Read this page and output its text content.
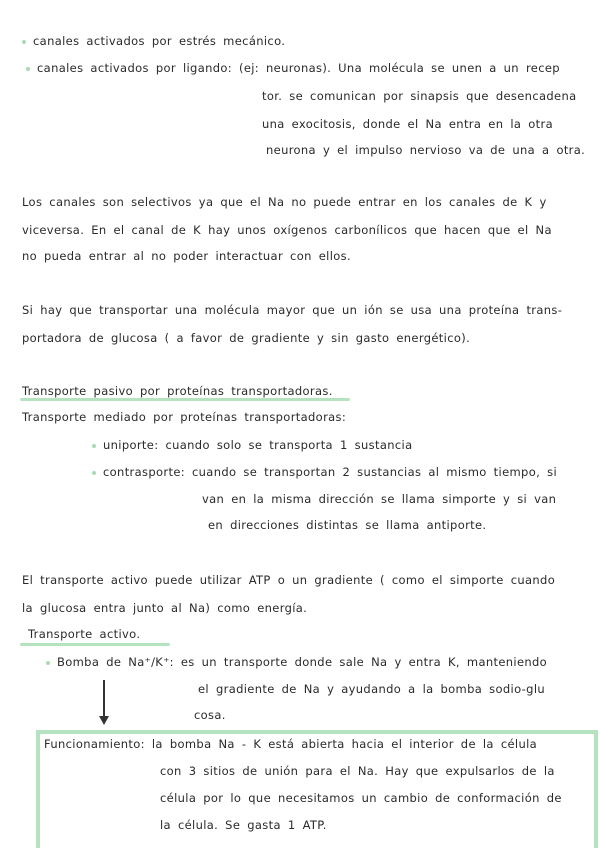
canales activados por estrés mecánico.
canales activados por ligando: (ej: neuronas). Una molécula se unen a un recep
tor. se comunican por sinapsis que desencadena
una exocitosis, donde el Na entra en la otra
neurona y el impulso nervioso va de una a otra.
Los canales son selectivos ya que el Na no puede entrar en los canales de K y
viceversa. En el canal de K hay unos oxígenos carbonílicos que hacen que el Na
no pueda entrar al no poder interactuar con ellos.
Si hay que transportar una molécula mayor que un ión se usa una proteína trans-
portadora de glucosa ( a favor de gradiente y sin gasto energético).
Transporte pasivo por proteínas transportadoras.
Transporte mediado por proteínas transportadoras:
uniporte: cuando solo se transporta 1 sustancia
contrasporte: cuando se transportan 2 sustancias al mismo tiempo, si
van en la misma dirección se llama simporte y si van
en direcciones distintas se llama antiporte.
El transporte activo puede utilizar ATP o un gradiente ( como el simporte cuando
la glucosa entra junto al Na) como energía.
Transporte activo.
Bomba de Na⁺/K⁺: es un transporte donde sale Na y entra K, manteniendo
el gradiente de Na y ayudando a la bomba sodio-glu
cosa.
Funcionamiento: la bomba Na - K está abierta hacia el interior de la célula
con 3 sitios de unión para el Na. Hay que expulsarlos de la
célula por lo que necesitamos un cambio de conformación de
la célula. Se gasta 1 ATP.
